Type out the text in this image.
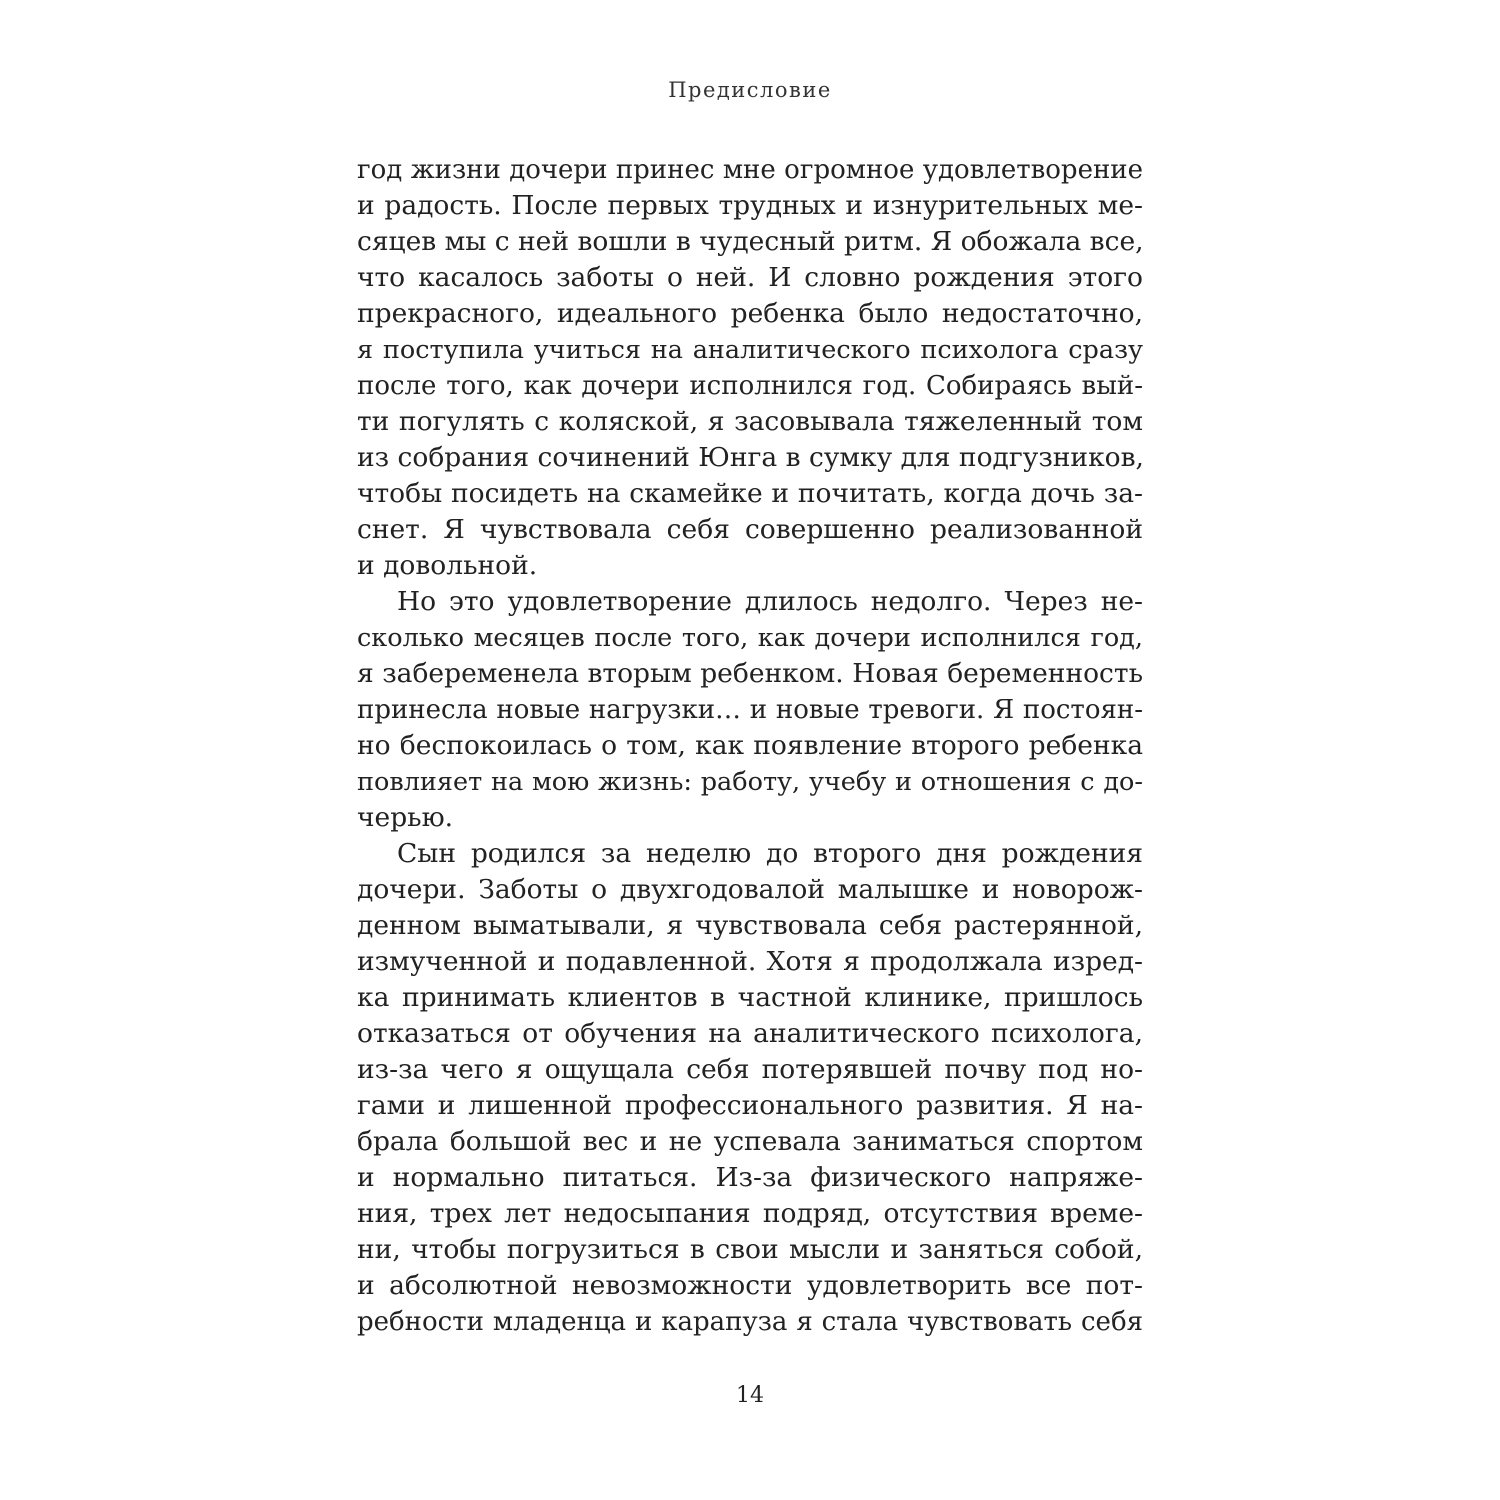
Предисловие
год жизни дочери принес мне огромное удовлетворение
и радость. После первых трудных и изнурительных ме-
сяцев мы с ней вошли в чудесный ритм. Я обожала все,
что касалось заботы о ней. И словно рождения этого
прекрасного, идеального ребенка было недостаточно,
я поступила учиться на аналитического психолога сразу
после того, как дочери исполнился год. Собираясь вый-
ти погулять с коляской, я засовывала тяжеленный том
из собрания сочинений Юнга в сумку для подгузников,
чтобы посидеть на скамейке и почитать, когда дочь за-
снет. Я чувствовала себя совершенно реализованной
и довольной.
Но это удовлетворение длилось недолго. Через не-
сколько месяцев после того, как дочери исполнился год,
я забеременела вторым ребенком. Новая беременность
принесла новые нагрузки… и новые тревоги. Я постоян-
но беспокоилась о том, как появление второго ребенка
повлияет на мою жизнь: работу, учебу и отношения с до-
черью.
Сын родился за неделю до второго дня рождения
дочери. Заботы о двухгодовалой малышке и новорож-
денном выматывали, я чувствовала себя растерянной,
измученной и подавленной. Хотя я продолжала изред-
ка принимать клиентов в частной клинике, пришлось
отказаться от обучения на аналитического психолога,
из-за чего я ощущала себя потерявшей почву под но-
гами и лишенной профессионального развития. Я на-
брала большой вес и не успевала заниматься спортом
и нормально питаться. Из-за физического напряже-
ния, трех лет недосыпания подряд, отсутствия време-
ни, чтобы погрузиться в свои мысли и заняться собой,
и абсолютной невозможности удовлетворить все пот-
ребности младенца и карапуза я стала чувствовать себя
14
